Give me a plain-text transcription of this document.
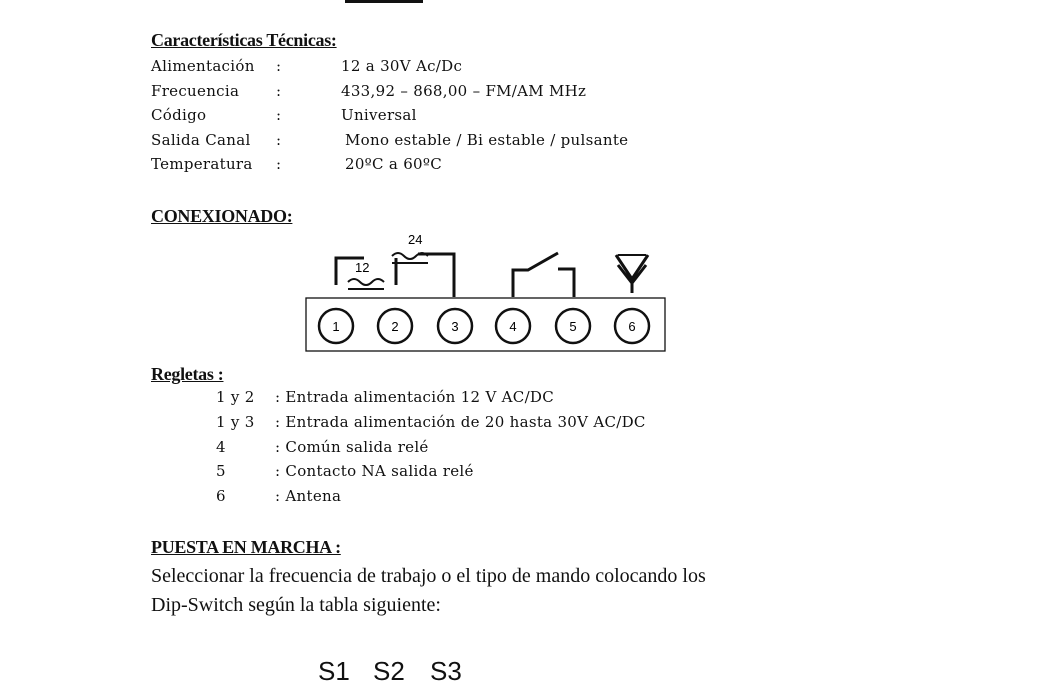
Características Técnicas:
Alimentación :	12 a 30V Ac/Dc
Frecuencia :	433,92 – 868,00 – FM/AM MHz
Código	:	Universal
Salida Canal :	Mono estable / Bi estable / pulsante
Temperatura :	20ºC a 60ºC
CONEXIONADO:
12
24
1	2	3	4	5	6
Regletas :
1 y 2 : Entrada alimentación 12 V AC/DC
1 y 3 : Entrada alimentación de 20 hasta 30V AC/DC
4	: Común salida relé
5	: Contacto NA salida relé
6	: Antena
PUESTA EN MARCHA :
Seleccionar la frecuencia de trabajo o el tipo de mando colocando los
Dip-Switch según la tabla siguiente:
S1 S2 S3
